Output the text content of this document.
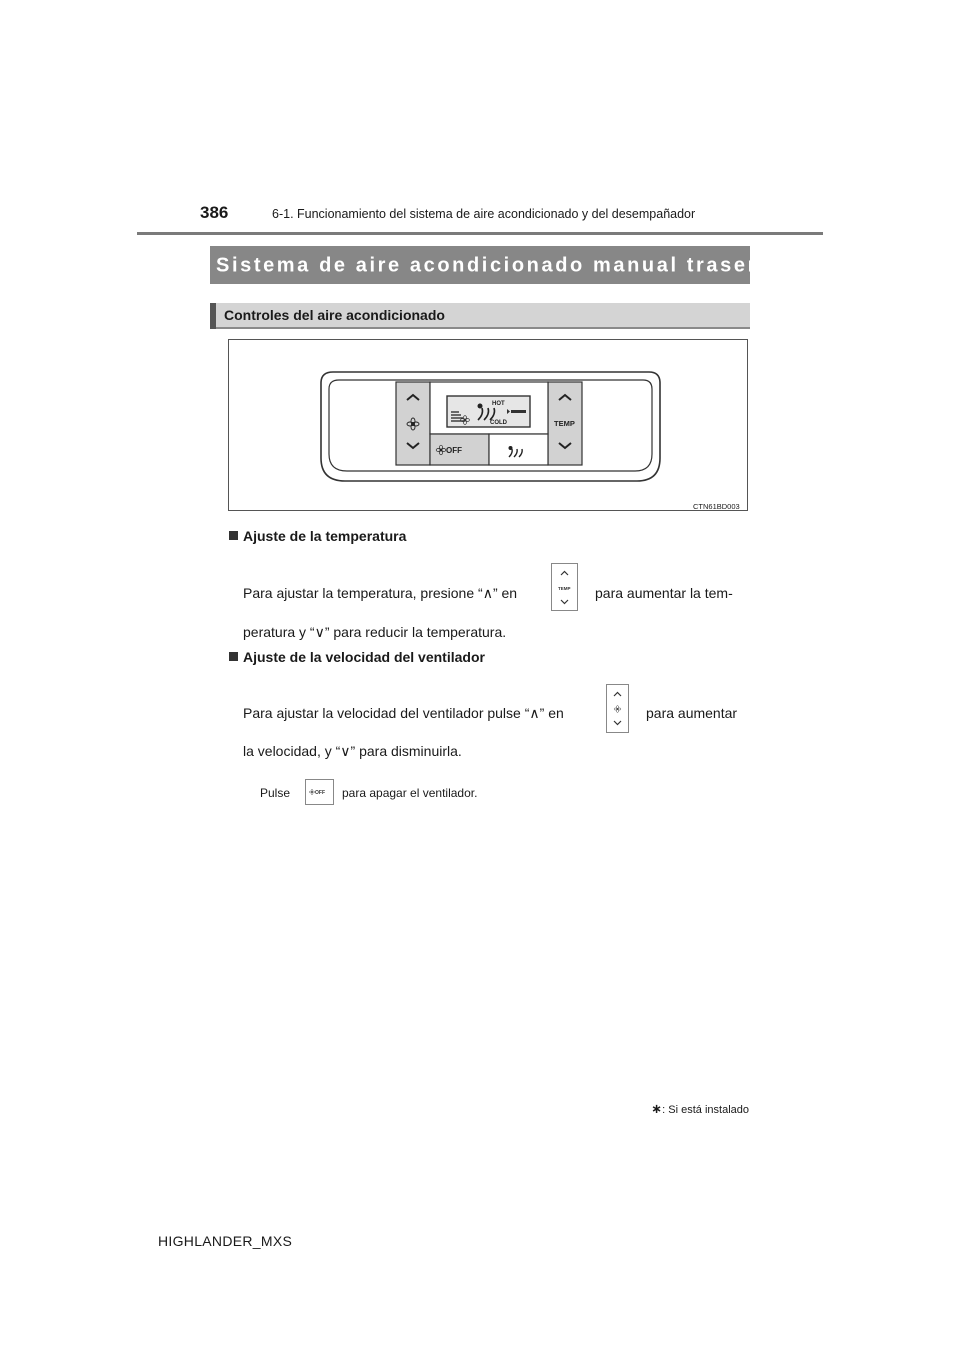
386	6-1. Funcionamiento del sistema de aire acondicionado y del desempañador
Sistema de aire acondicionado manual trasero ∗
Controles del aire acondicionado
TEMP
HOT
COLD
OFF
CTN61BD003
Ajuste de la temperatura
Para ajustar la temperatura, presione “∧” en	TEMP para aumentar la tem-
peratura y “∨” para reducir la temperatura.
Ajuste de la velocidad del ventilador
Para ajustar la velocidad del ventilador pulse “∧” en	para aumentar
la velocidad, y “∨” para disminuirla.
Pulse	OFF para apagar el ventilador.
∗: Si está instalado
HIGHLANDER_MXS
